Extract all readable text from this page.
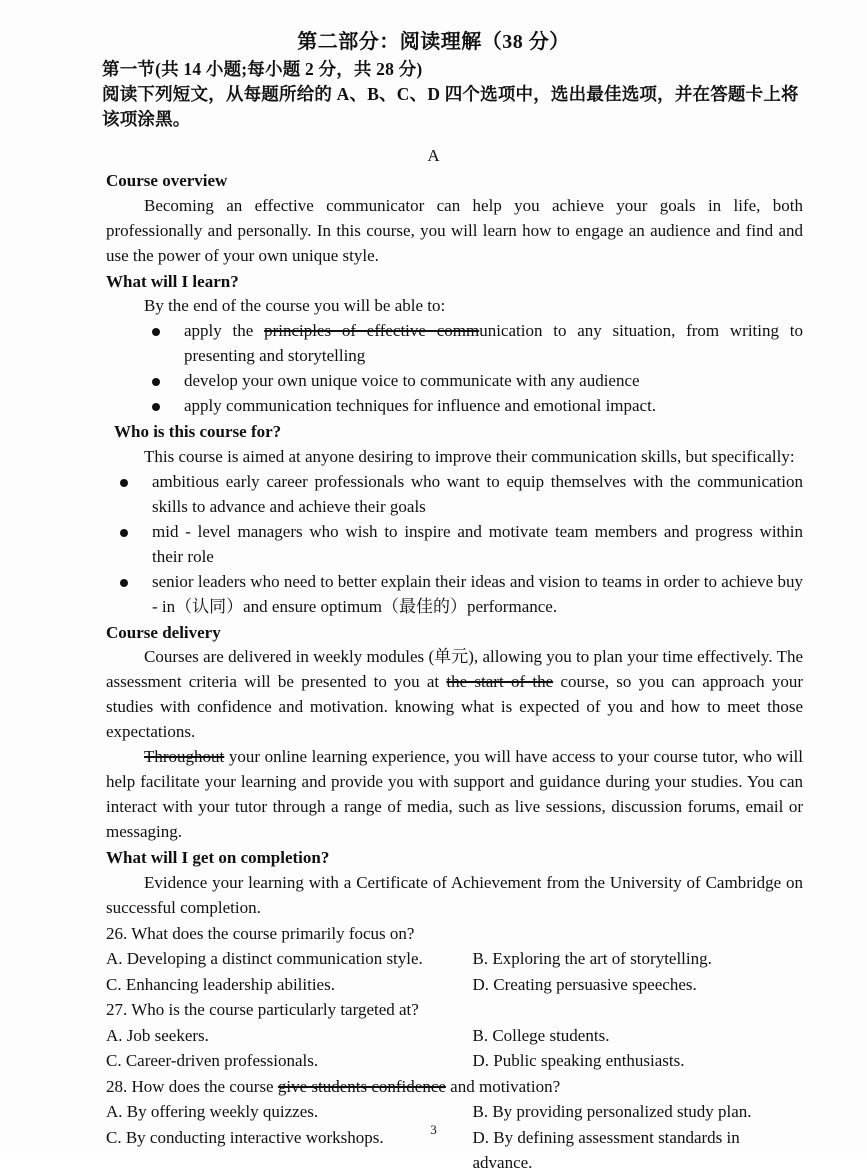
第二部分：阅读理解（38 分）
第一节(共 14 小题;每小题 2 分，共 28 分)
阅读下列短文，从每题所给的 A、B、C、D 四个选项中，选出最佳选项，并在答题卡上将该项涂黑。
A
Course overview

Becoming an effective communicator can help you achieve your goals in life, both professionally and personally. In this course, you will learn how to engage an audience and find and use the power of your own unique style.

What will I learn?

By the end of the course you will be able to:

apply the principles of effective communication to any situation, from writing to presenting and storytelling
develop your own unique voice to communicate with any audience
apply communication techniques for influence and emotional impact.
Who is this course for?

This course is aimed at anyone desiring to improve their communication skills, but specifically:

ambitious early career professionals who want to equip themselves with the communication skills to advance and achieve their goals
mid - level managers who wish to inspire and motivate team members and progress within their role
senior leaders who need to better explain their ideas and vision to teams in order to achieve buy - in（认同）and ensure optimum（最佳的）performance.
Course delivery

Courses are delivered in weekly modules (单元), allowing you to plan your time effectively. The assessment criteria will be presented to you at the start of the course, so you can approach your studies with confidence and motivation. knowing what is expected of you and how to meet those expectations.

Throughout your online learning experience, you will have access to your course tutor, who will help facilitate your learning and provide you with support and guidance during your studies. You can interact with your tutor through a range of media, such as live sessions, discussion forums, email or messaging.

What will I get on completion?

Evidence your learning with a Certificate of Achievement from the University of Cambridge on successful completion.

26. What does the course primarily focus on?

A. Developing a distinct communication style.	B. Exploring the art of storytelling.
C. Enhancing leadership abilities.	D. Creating persuasive speeches.

27. Who is the course particularly targeted at?

A. Job seekers.	B. College students.
C. Career-driven professionals.	D. Public speaking enthusiasts.

28. How does the course give students confidence and motivation?

A. By offering weekly quizzes.	B. By providing personalized study plan.
C. By conducting interactive workshops.	D. By defining assessment standards in advance.
3
